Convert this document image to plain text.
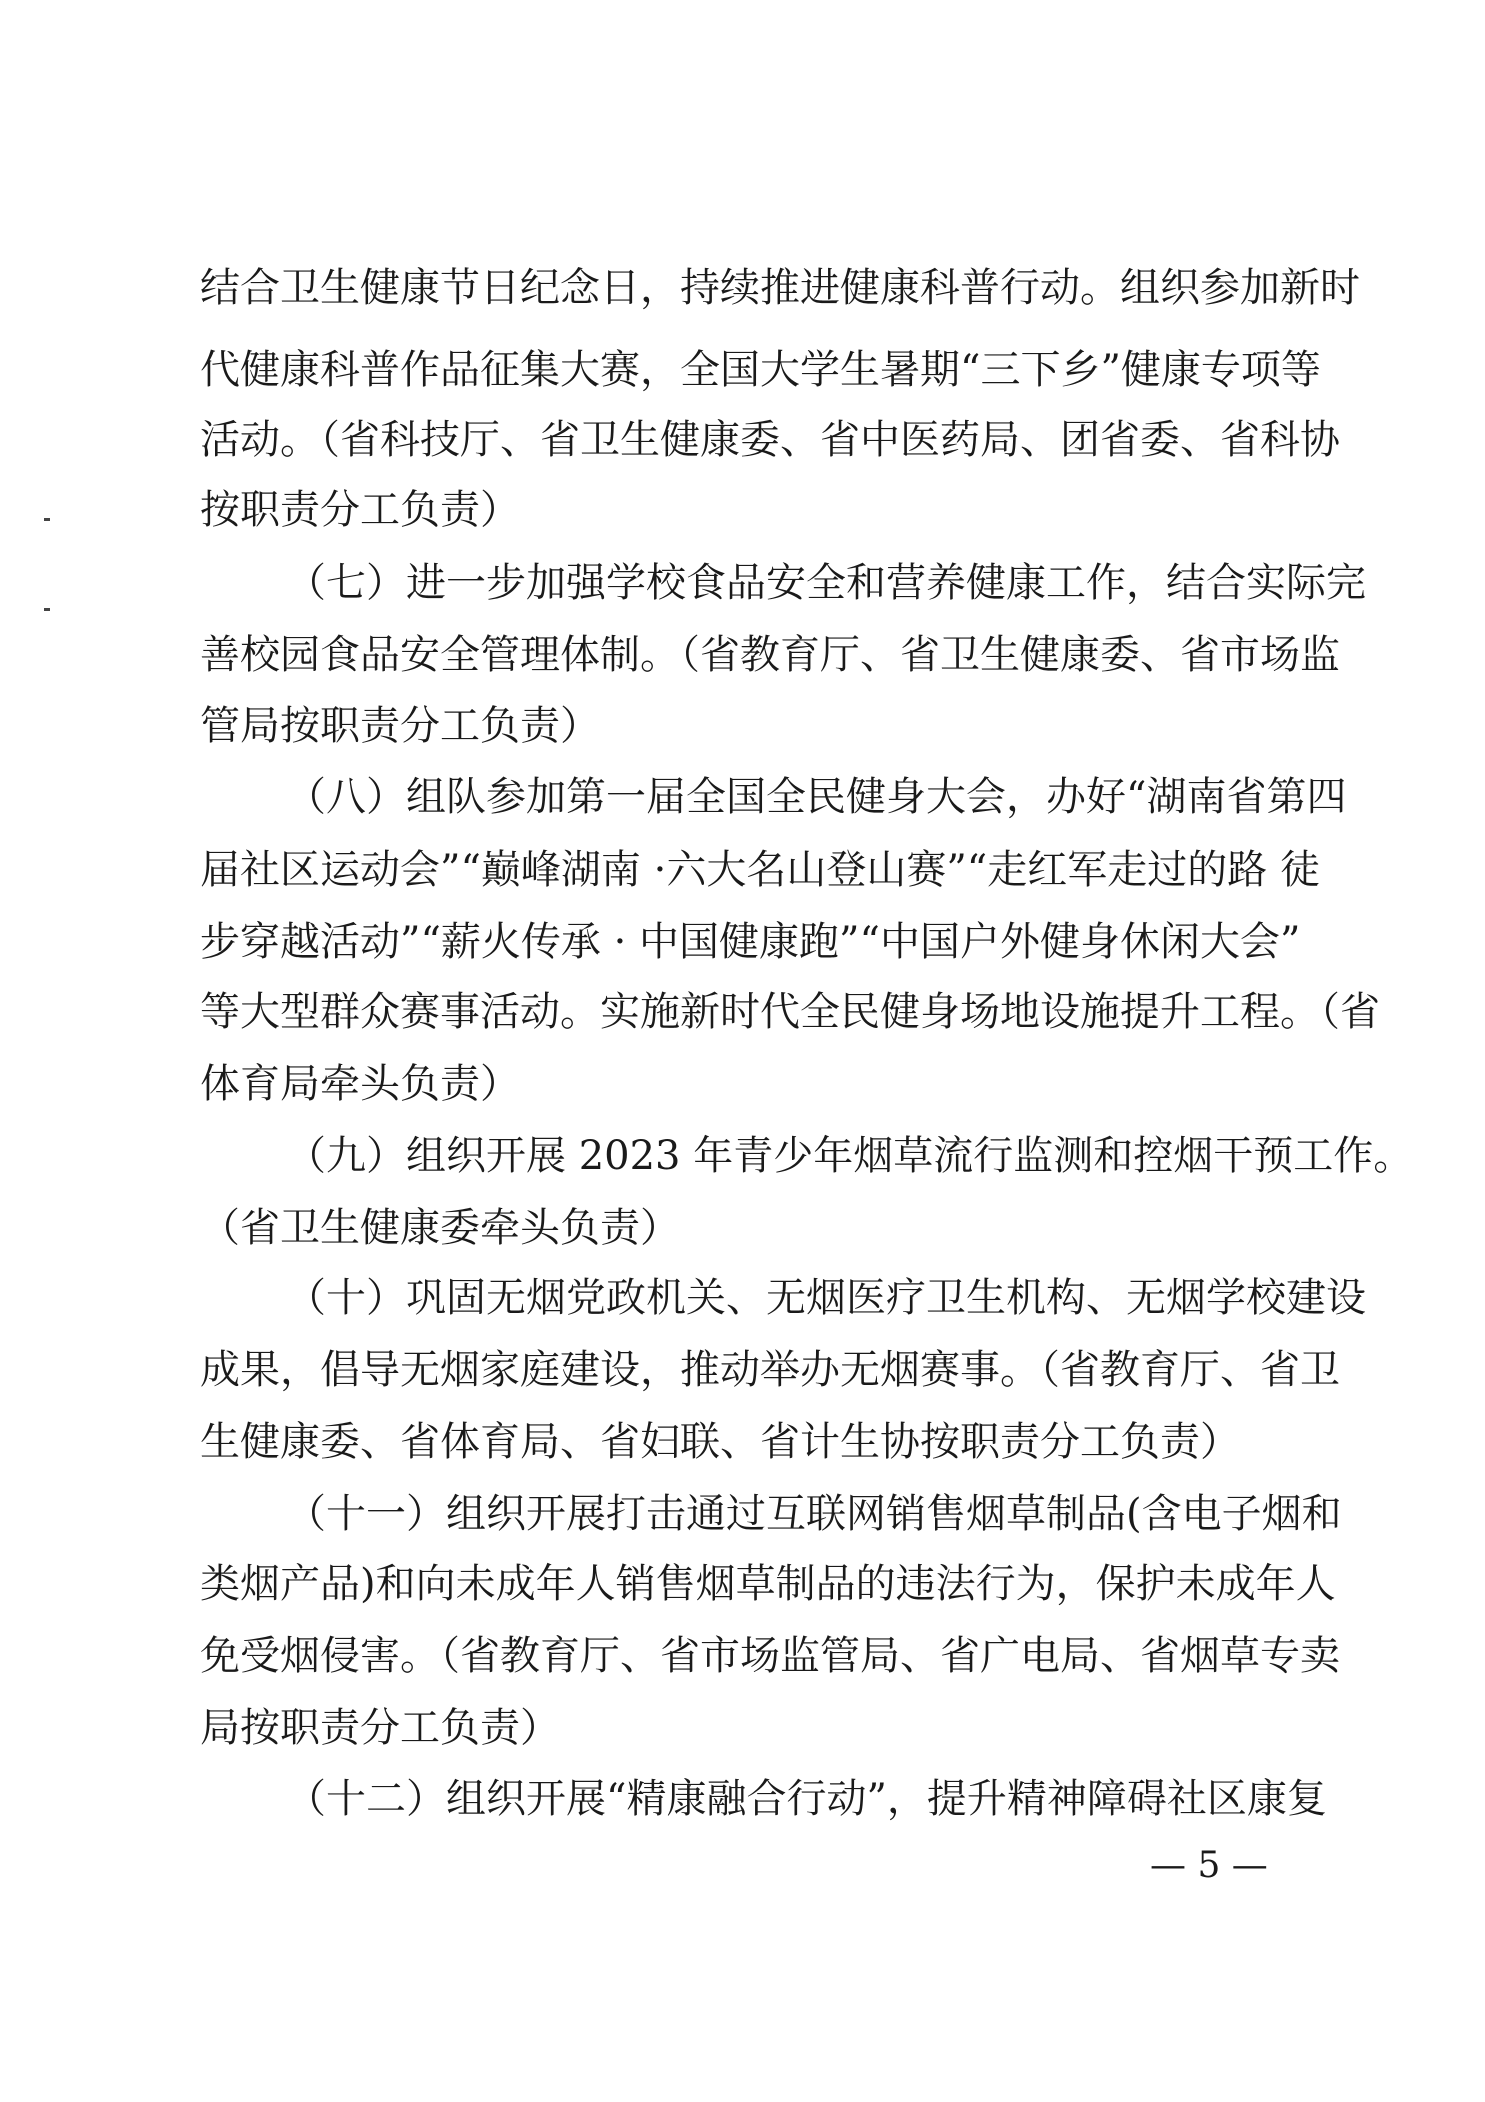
结合卫生健康节日纪念日，持续推进健康科普行动。组织参加新时
代健康科普作品征集大赛，全国大学生暑期“三下乡”健康专项等
活动。（省科技厅、省卫生健康委、省中医药局、团省委、省科协
按职责分工负责）
（七）进一步加强学校食品安全和营养健康工作，结合实际完
善校园食品安全管理体制。（省教育厅、省卫生健康委、省市场监
管局按职责分工负责）
（八）组队参加第一届全国全民健身大会，办好“湖南省第四
届社区运动会”“巅峰湖南 ·六大名山登山赛”“走红军走过的路 徒
步穿越活动”“薪火传承 · 中国健康跑”“中国户外健身休闲大会”
等大型群众赛事活动。实施新时代全民健身场地设施提升工程。（省
体育局牵头负责）
（九）组织开展 2023 年青少年烟草流行监测和控烟干预工作。
（省卫生健康委牵头负责）
（十）巩固无烟党政机关、无烟医疗卫生机构、无烟学校建设
成果，倡导无烟家庭建设，推动举办无烟赛事。（省教育厅、省卫
生健康委、省体育局、省妇联、省计生协按职责分工负责）
（十一）组织开展打击通过互联网销售烟草制品(含电子烟和
类烟产品)和向未成年人销售烟草制品的违法行为，保护未成年人
免受烟侵害。（省教育厅、省市场监管局、省广电局、省烟草专卖
局按职责分工负责）
（十二）组织开展“精康融合行动”，提升精神障碍社区康复
— 5 —
